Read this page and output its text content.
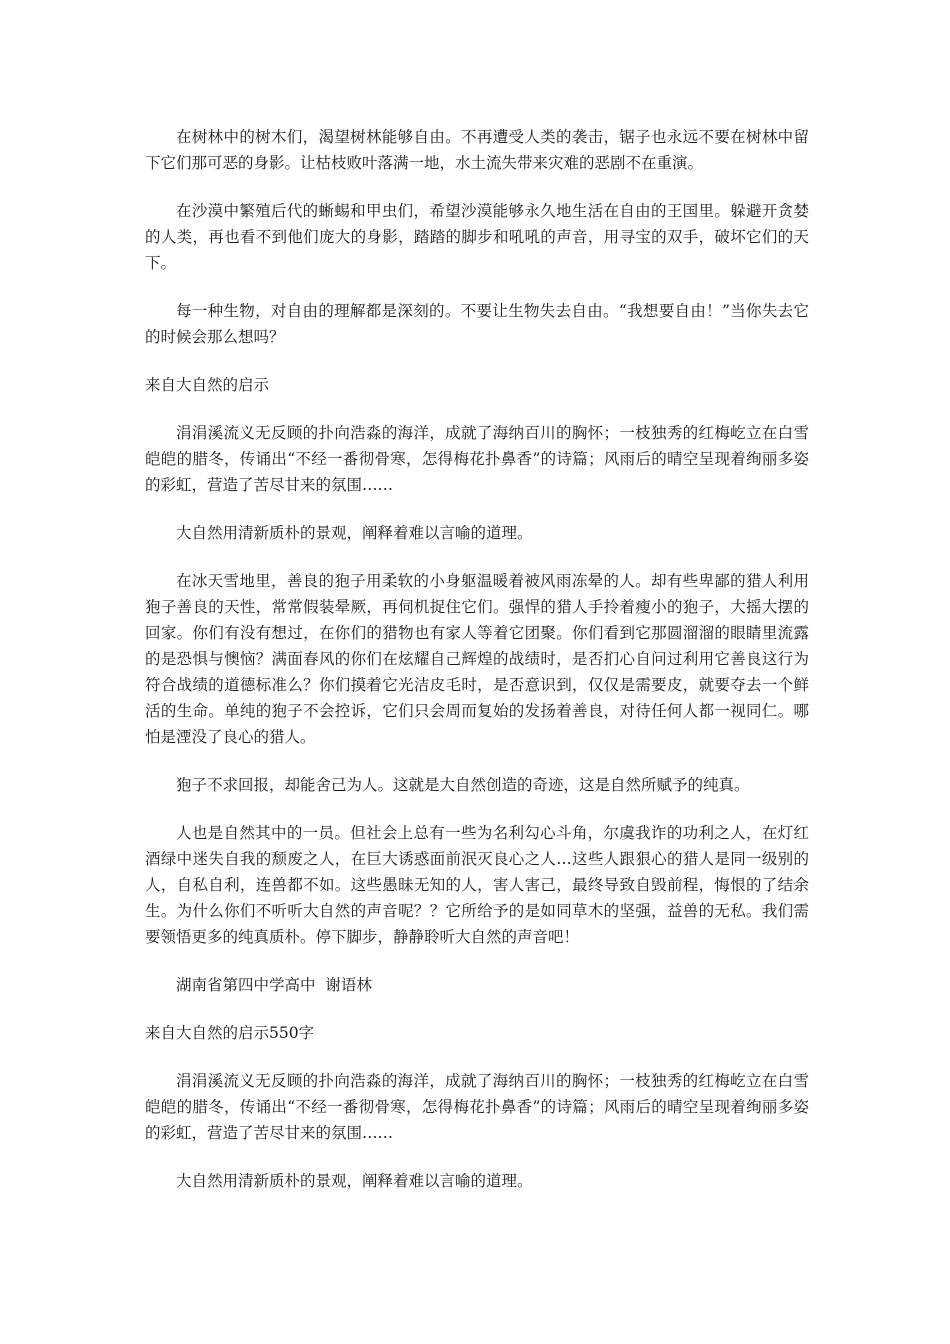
在树林中的树木们，渴望树林能够自由。不再遭受人类的袭击，锯子也永远不要在树林中留下它们那可恶的身影。让枯枝败叶落满一地，水土流失带来灾难的恶剧不在重演。

在沙漠中繁殖后代的蜥蜴和甲虫们，希望沙漠能够永久地生活在自由的王国里。躲避开贪婪的人类，再也看不到他们庞大的身影，踏踏的脚步和吼吼的声音，用寻宝的双手，破坏它们的天下。

每一种生物，对自由的理解都是深刻的。不要让生物失去自由。“我想要自由！”当你失去它的时候会那么想吗？

来自大自然的启示

涓涓溪流义无反顾的扑向浩淼的海洋，成就了海纳百川的胸怀；一枝独秀的红梅屹立在白雪皑皑的腊冬，传诵出“不经一番彻骨寒，怎得梅花扑鼻香”的诗篇；风雨后的晴空呈现着绚丽多姿的彩虹，营造了苦尽甘来的氛围……

大自然用清新质朴的景观，阐释着难以言喻的道理。

在冰天雪地里，善良的狍子用柔软的小身躯温暖着被风雨冻晕的人。却有些卑鄙的猎人利用狍子善良的天性，常常假装晕厥，再伺机捉住它们。强悍的猎人手拎着瘦小的狍子，大摇大摆的回家。你们有没有想过，在你们的猎物也有家人等着它团聚。你们看到它那圆溜溜的眼睛里流露的是恐惧与懊恼？满面春风的你们在炫耀自己辉煌的战绩时，是否扪心自问过利用它善良这行为符合战绩的道德标准么？你们摸着它光洁皮毛时，是否意识到，仅仅是需要皮，就要夺去一个鲜活的生命。单纯的狍子不会控诉，它们只会周而复始的发扬着善良，对待任何人都一视同仁。哪怕是湮没了良心的猎人。

狍子不求回报，却能舍己为人。这就是大自然创造的奇迹，这是自然所赋予的纯真。

人也是自然其中的一员。但社会上总有一些为名利勾心斗角，尔虞我诈的功利之人，在灯红酒绿中迷失自我的颓废之人，在巨大诱惑面前泯灭良心之人…这些人跟狠心的猎人是同一级别的人，自私自利，连兽都不如。这些愚昧无知的人，害人害己，最终导致自毁前程，悔恨的了结余生。为什么你们不听听大自然的声音呢？？它所给予的是如同草木的坚强，益兽的无私。我们需要领悟更多的纯真质朴。停下脚步，静静聆听大自然的声音吧！

湖南省第四中学高中  谢语林

来自大自然的启示550字

涓涓溪流义无反顾的扑向浩淼的海洋，成就了海纳百川的胸怀；一枝独秀的红梅屹立在白雪皑皑的腊冬，传诵出“不经一番彻骨寒，怎得梅花扑鼻香”的诗篇；风雨后的晴空呈现着绚丽多姿的彩虹，营造了苦尽甘来的氛围……

大自然用清新质朴的景观，阐释着难以言喻的道理。
